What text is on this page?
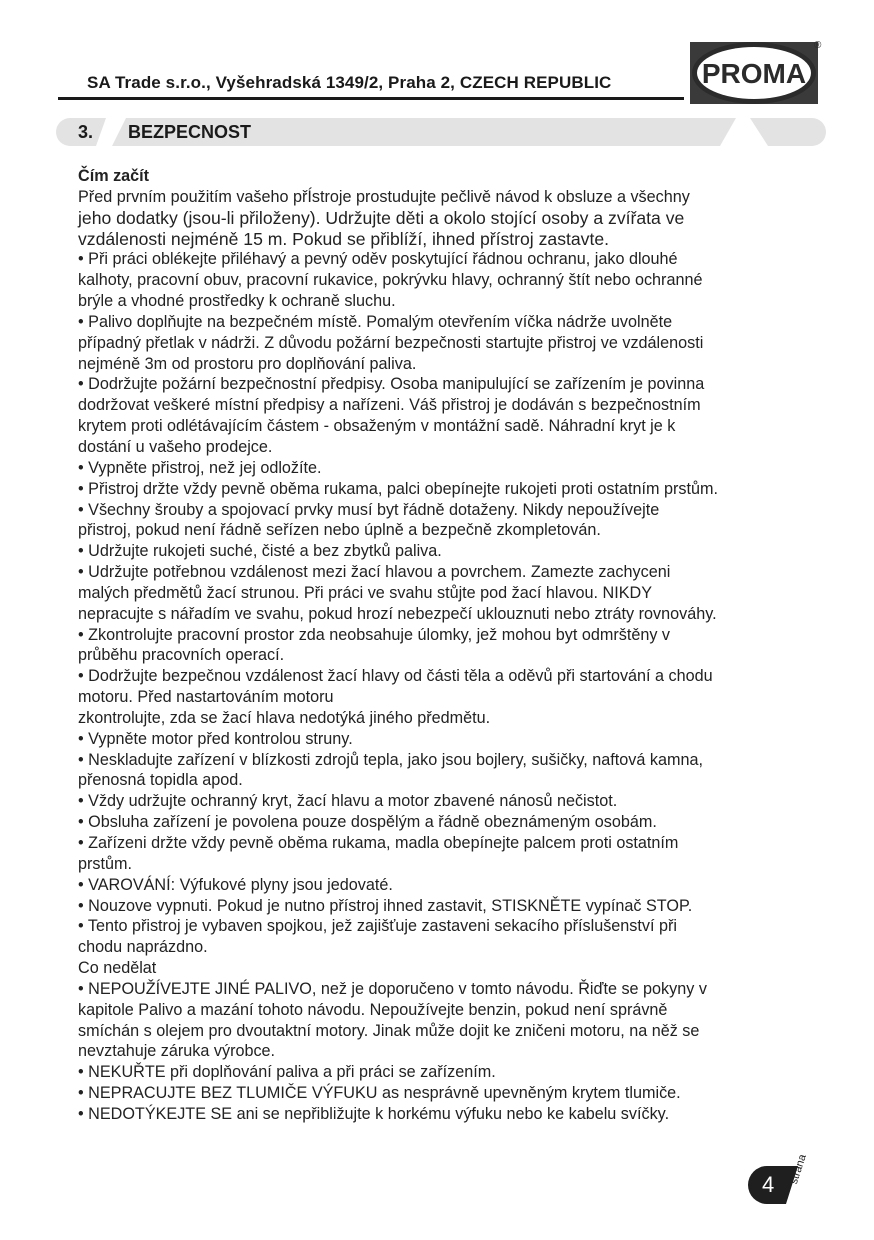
SA Trade s.r.o., Vyšehradská 1349/2, Praha 2, CZECH REPUBLIC	PROMA
®
3. BEZPECNOST
Čím začít
Před prvním použitím vašeho přÍstroje prostudujte pečlivě návod k obsluze a všechny
jeho dodatky (jsou-li přiloženy). Udržujte děti a okolo stojící osoby a zvířata ve
vzdálenosti nejméně 15 m. Pokud se přiblíží, ihned přístroj zastavte.
• Při práci oblékejte přiléhavý a pevný oděv poskytující řádnou ochranu, jako dlouhé
kalhoty, pracovní obuv, pracovní rukavice, pokrývku hlavy, ochranný štít nebo ochranné
brýle a vhodné prostředky k ochraně sluchu.
• Palivo doplňujte na bezpečném místě. Pomalým otevřením víčka nádrže uvolněte
případný přetlak v nádrži. Z důvodu požární bezpečnosti startujte přistroj ve vzdálenosti
nejméně 3m od prostoru pro doplňování paliva.
• Dodržujte požární bezpečnostní předpisy. Osoba manipulující se zařízením je povinna
dodržovat veškeré místní předpisy a nařízeni. Váš přistroj je dodáván s bezpečnostním
krytem proti odlétávajícím částem - obsaženým v montážní sadě. Náhradní kryt je k
dostání u vašeho prodejce.
• Vypněte přistroj, než jej odložíte.
• Přistroj držte vždy pevně oběma rukama, palci obepínejte rukojeti proti ostatním prstům.
• Všechny šrouby a spojovací prvky musí byt řádně dotaženy. Nikdy nepoužívejte
přistroj, pokud není řádně seřízen nebo úplně a bezpečně zkompletován.
• Udržujte rukojeti suché, čisté a bez zbytků paliva.
• Udržujte potřebnou vzdálenost mezi žací hlavou a povrchem. Zamezte zachyceni
malých předmětů žací strunou. Při práci ve svahu stůjte pod žací hlavou. NIKDY
nepracujte s nářadím ve svahu, pokud hrozí nebezpečí uklouznuti nebo ztráty rovnováhy.
• Zkontrolujte pracovní prostor zda neobsahuje úlomky, jež mohou byt odmrštěny v
průběhu pracovních operací.
• Dodržujte bezpečnou vzdálenost žací hlavy od části těla a oděvů při startování a chodu
motoru. Před nastartováním motoru
zkontrolujte, zda se žací hlava nedotýká jiného předmětu.
• Vypněte motor před kontrolou struny.
• Neskladujte zařízení v blízkosti zdrojů tepla, jako jsou bojlery, sušičky, naftová kamna,
přenosná topidla apod.
• Vždy udržujte ochranný kryt, žací hlavu a motor zbavené nánosů nečistot.
• Obsluha zařízení je povolena pouze dospělým a řádně obeznámeným osobám.
• Zařízeni držte vždy pevně oběma rukama, madla obepínejte palcem proti ostatním
prstům.
• VAROVÁNÍ: Výfukové plyny jsou jedovaté.
• Nouzove vypnuti. Pokud je nutno přístroj ihned zastavit, STISKNĚTE vypínač STOP.
• Tento přistroj je vybaven spojkou, jež zajišťuje zastaveni sekacího příslušenství při
chodu naprázdno.
Co nedělat
• NEPOUŽÍVEJTE JINÉ PALIVO, než je doporučeno v tomto návodu. Řiďte se pokyny v
kapitole Palivo a mazání tohoto návodu. Nepoužívejte benzin, pokud není správně
smíchán s olejem pro dvoutaktní motory. Jinak může dojit ke zničeni motoru, na něž se
nevztahuje záruka výrobce.
• NEKUŘTE při doplňování paliva a při práci se zařízením.
• NEPRACUJTE BEZ TLUMIČE VÝFUKU as nesprávně upevněným krytem tlumiče.
• NEDOTÝKEJTE SE ani se nepřibližujte k horkému výfuku nebo ke kabelu svíčky.
4 strana
